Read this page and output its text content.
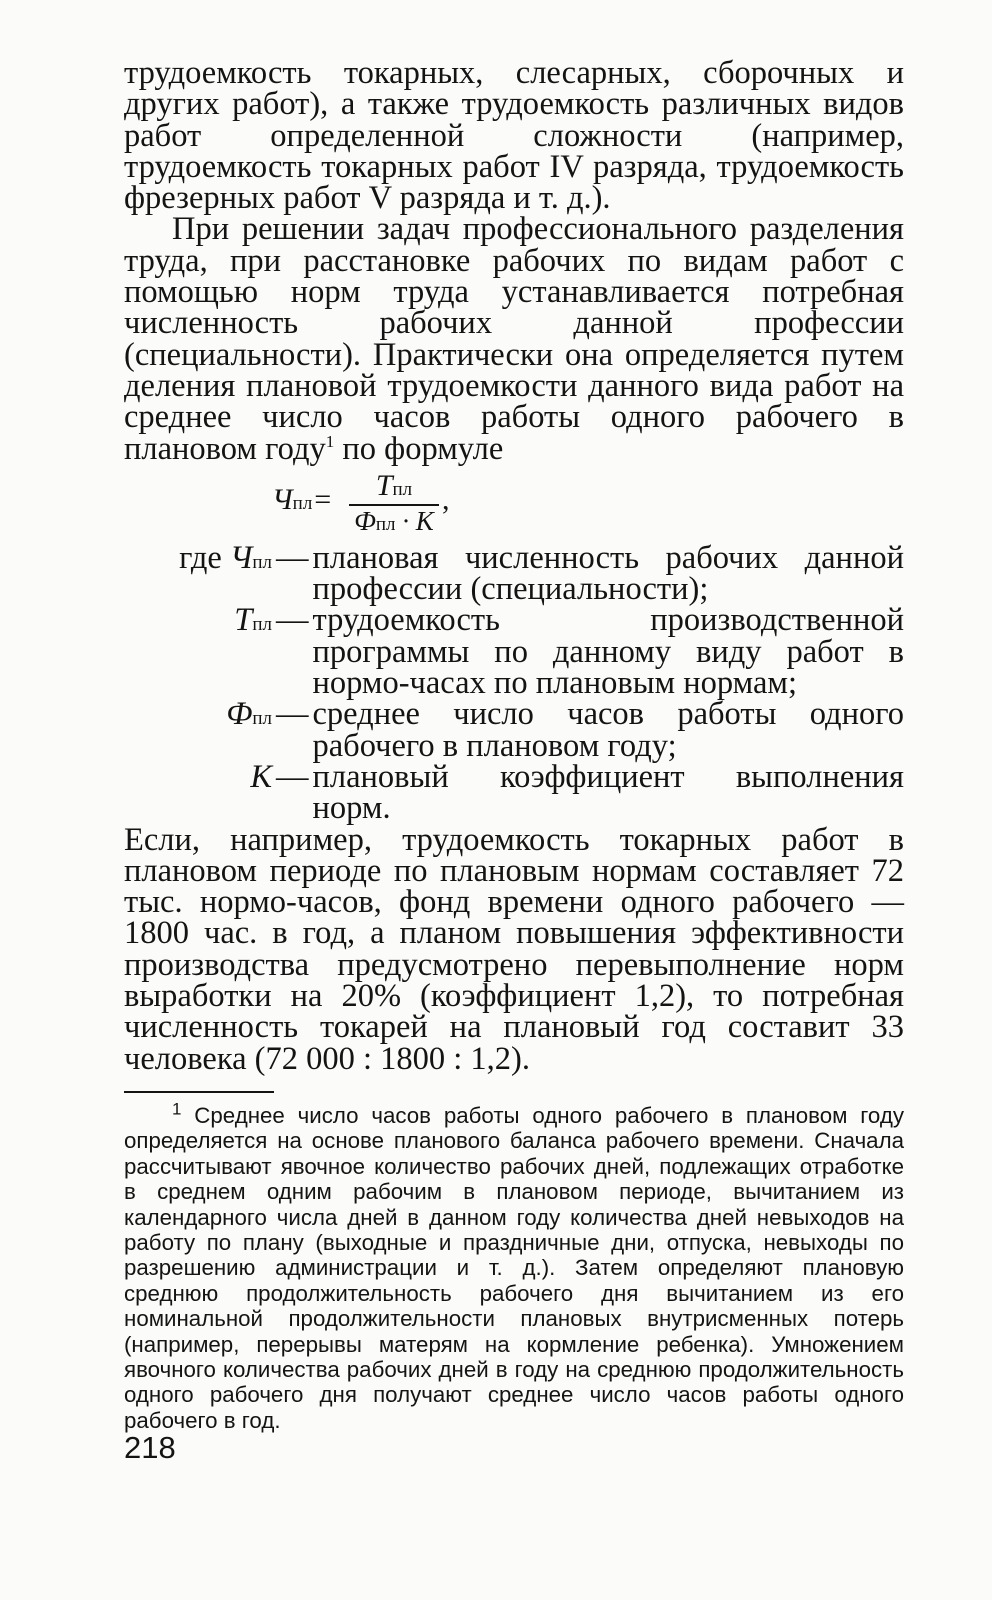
трудоемкость токарных, слесарных, сборочных и других работ), а также трудоемкость различных видов работ определенной сложности (например, трудоемкость токарных работ IV разряда, трудоемкость фрезерных работ V разряда и т. д.).

При решении задач профессионального разделения труда, при расстановке рабочих по видам работ с помощью норм труда устанавливается потребная численность рабочих данной профессии (специальности). Практически она определяется путем деления плановой трудоемкости данного вида работ на среднее число часов работы одного рабочего в плановом году$^1$ по формуле

Чпл=	Тпл
Фпл · K
,
где Чпл — плановая численность рабочих данной профессии (специальности);
Тпл — трудоемкость производственной программы по данному виду работ в нормо-часах по плановым нормам;
Фпл — среднее число часов работы одного рабочего в плановом году;
K — плановый коэффициент выполнения норм.

Если, например, трудоемкость токарных работ в плановом периоде по плановым нормам составляет 72 тыс. нормо-часов, фонд времени одного рабочего — 1800 час. в год, а планом повышения эффективности производства предусмотрено перевыполнение норм выработки на 20% (коэффициент 1,2), то потребная численность токарей на плановый год составит 33 человека (72 000 : 1800 : 1,2).

$^1$ Среднее число часов работы одного рабочего в плановом году определяется на основе планового баланса рабочего времени. Сначала рассчитывают явочное количество рабочих дней, подлежащих отработке в среднем одним рабочим в плановом периоде, вычитанием из календарного числа дней в данном году количества дней невыходов на работу по плану (выходные и праздничные дни, отпуска, невыходы по разрешению администрации и т. д.). Затем определяют плановую среднюю продолжительность рабочего дня вычитанием из его номинальной продолжительности плановых внутрисменных потерь (например, перерывы матерям на кормление ребенка). Умножением явочного количества рабочих дней в году на среднюю продолжительность одного рабочего дня получают среднее число часов работы одного рабочего в год.

218
